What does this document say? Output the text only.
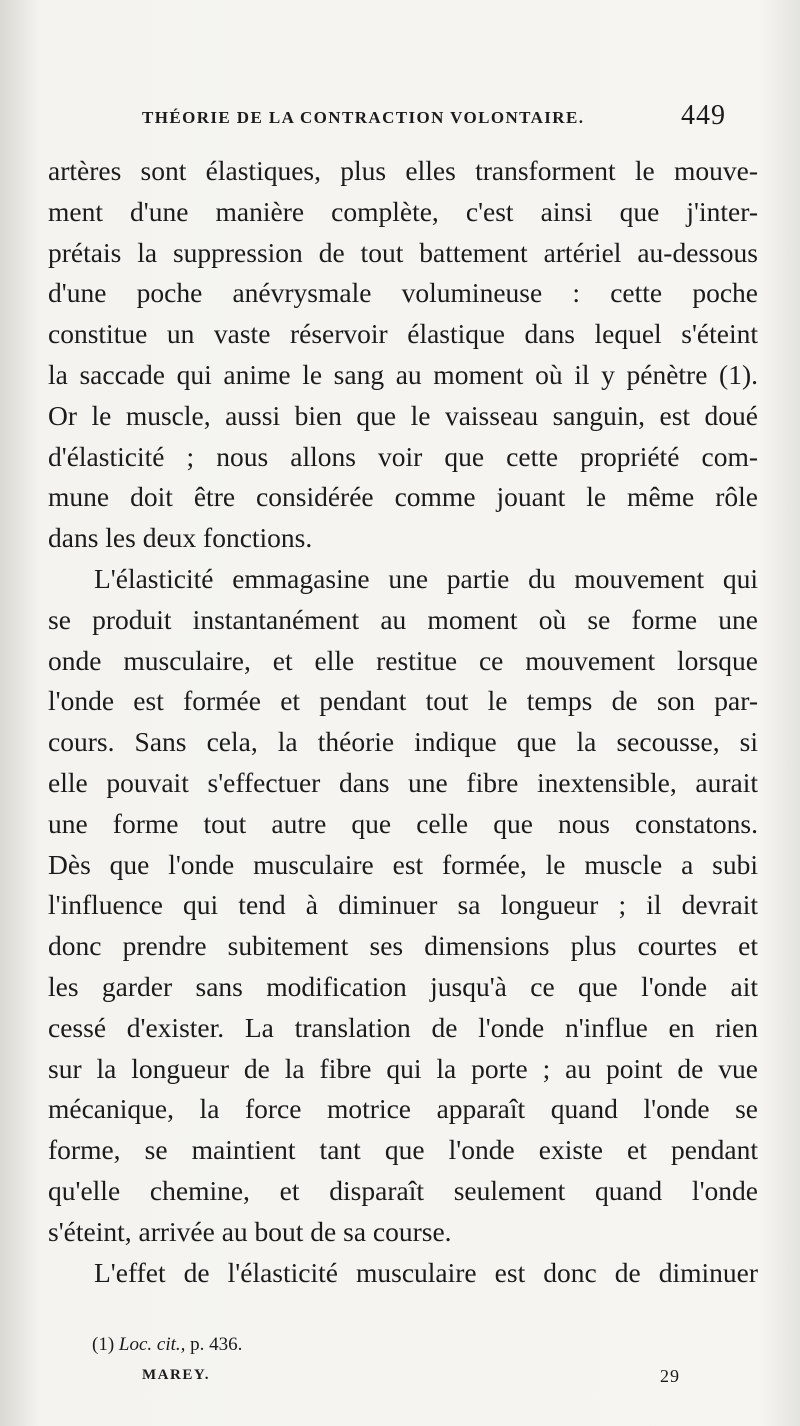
THÉORIE DE LA CONTRACTION VOLONTAIRE.	449

artères sont élastiques, plus elles transforment le mouve-
ment d'une manière complète, c'est ainsi que j'inter-
prétais la suppression de tout battement artériel au-dessous
d'une poche anévrysmale volumineuse : cette poche
constitue un vaste réservoir élastique dans lequel s'éteint
la saccade qui anime le sang au moment où il y pénètre (1).
Or le muscle, aussi bien que le vaisseau sanguin, est doué
d'élasticité ; nous allons voir que cette propriété com-
mune doit être considérée comme jouant le même rôle
dans les deux fonctions.

L'élasticité emmagasine une partie du mouvement qui
se produit instantanément au moment où se forme une
onde musculaire, et elle restitue ce mouvement lorsque
l'onde est formée et pendant tout le temps de son par-
cours. Sans cela, la théorie indique que la secousse, si
elle pouvait s'effectuer dans une fibre inextensible, aurait
une forme tout autre que celle que nous constatons.
Dès que l'onde musculaire est formée, le muscle a subi
l'influence qui tend à diminuer sa longueur ; il devrait
donc prendre subitement ses dimensions plus courtes et
les garder sans modification jusqu'à ce que l'onde ait
cessé d'exister. La translation de l'onde n'influe en rien
sur la longueur de la fibre qui la porte ; au point de vue
mécanique, la force motrice apparaît quand l'onde se
forme, se maintient tant que l'onde existe et pendant
qu'elle chemine, et disparaît seulement quand l'onde
s'éteint, arrivée au bout de sa course.

L'effet de l'élasticité musculaire est donc de diminuer

(1) Loc. cit., p. 436.
MAREY.	29
